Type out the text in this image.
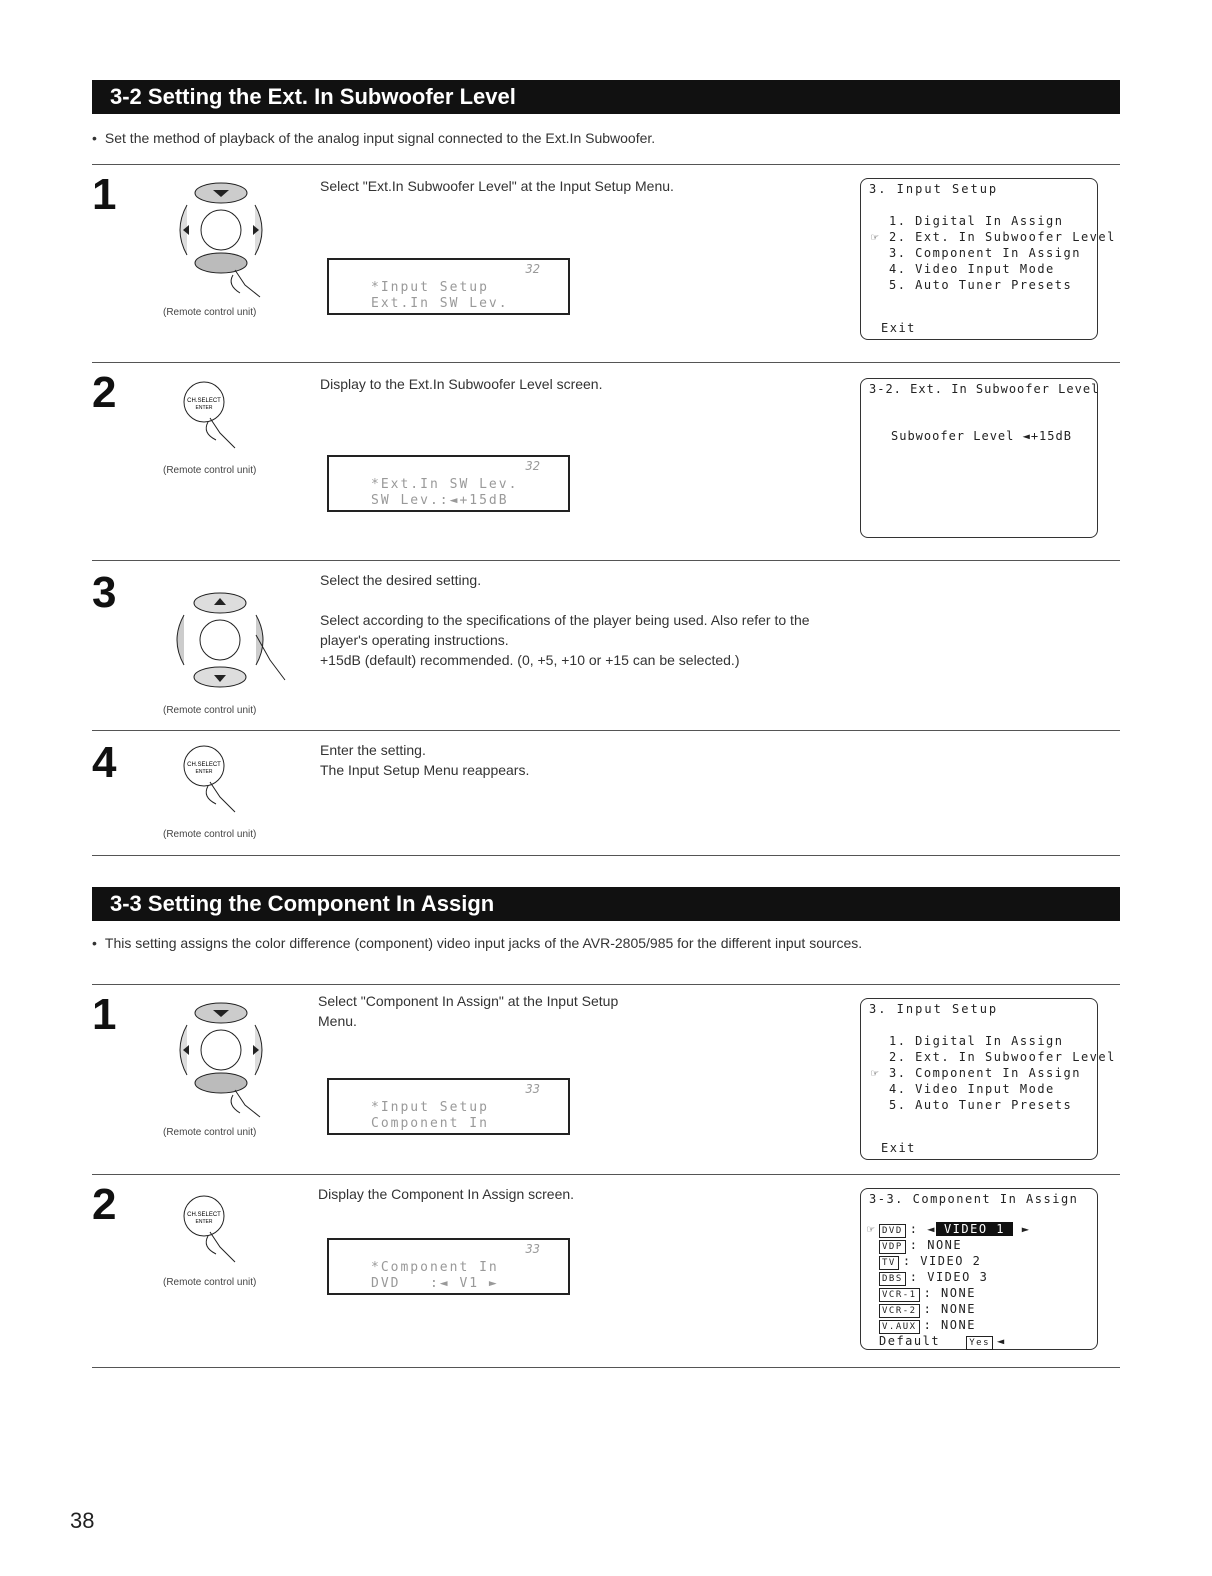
3-2 Setting the Ext. In Subwoofer Level
• Set the method of playback of the analog input signal connected to the Ext.In Subwoofer.
1
(Remote control unit)
Select "Ext.In Subwoofer Level" at the Input Setup Menu.
32
*Input Setup
Ext.In SW Lev.
3. Input Setup
1. Digital In Assign
☞ 2. Ext. In Subwoofer Level
3. Component In Assign
4. Video Input Mode
5. Auto Tuner Presets
Exit
2	CH.SELECT
ENTER
(Remote control unit)
Display to the Ext.In Subwoofer Level screen.
32
*Ext.In SW Lev.
SW Lev.:◄+15dB
3-2. Ext. In Subwoofer Level
Subwoofer Level ◄+15dB
3
(Remote control unit)
Select the desired setting.
Select according to the specifications of the player being used. Also refer to the
player's operating instructions.
+15dB (default) recommended. (0, +5, +10 or +15 can be selected.)
4	CH.SELECT
ENTER
(Remote control unit)
Enter the setting.
The Input Setup Menu reappears.
3-3 Setting the Component In Assign
• This setting assigns the color difference (component) video input jacks of the AVR-2805/985 for the different input sources.
1
(Remote control unit)
Select "Component In Assign" at the Input Setup
Menu.
33
*Input Setup
Component In
3. Input Setup
1. Digital In Assign
2. Ext. In Subwoofer Level
☞ 3. Component In Assign
4. Video Input Mode
5. Auto Tuner Presets
Exit
2	CH.SELECT
ENTER
(Remote control unit)
Display the Component In Assign screen.
33
*Component In
DVD   :◄ V1 ►
3-3. Component In Assign
☞ DVD : ◄ VIDEO 1 ►
VDP : NONE
TV : VIDEO 2
DBS : VIDEO 3
VCR-1 : NONE
VCR-2 : NONE
V.AUX : NONE
Default	Yes ◄
38
